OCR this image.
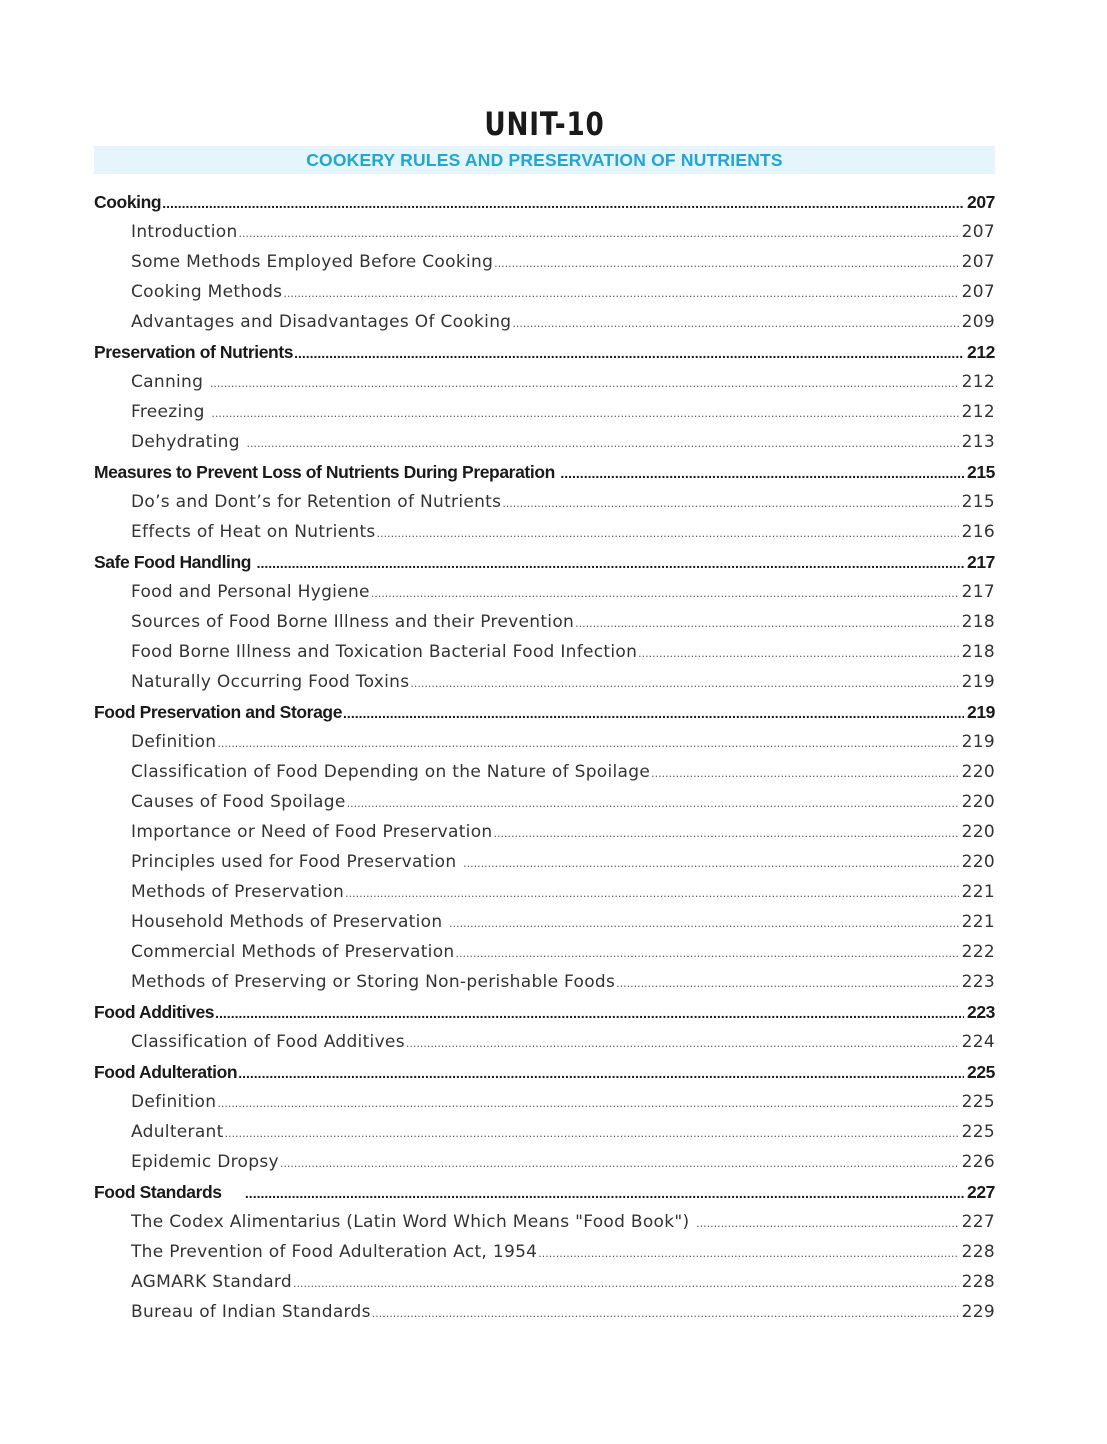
UNIT-10
COOKERY RULES AND PRESERVATION OF NUTRIENTS
Cooking .....	207
Introduction .....	207
Some Methods Employed Before Cooking .....	207
Cooking Methods .....	207
Advantages and Disadvantages Of Cooking .....	209
Preservation of Nutrients .....	212
Canning .....	212
Freezing .....	212
Dehydrating .....	213
Measures to Prevent Loss of Nutrients During Preparation .....	215
Do’s and Dont’s for Retention of Nutrients .....	215
Effects of Heat on Nutrients .....	216
Safe Food Handling .....	217
Food and Personal Hygiene .....	217
Sources of Food Borne Illness and their Prevention .....	218
Food Borne Illness and Toxication Bacterial Food Infection .....	218
Naturally Occurring Food Toxins .....	219
Food Preservation and Storage .....	219
Definition .....	219
Classification of Food Depending on the Nature of Spoilage .....	220
Causes of Food Spoilage .....	220
Importance or Need of Food Preservation .....	220
Principles used for Food Preservation .....	220
Methods of Preservation .....	221
Household Methods of Preservation .....	221
Commercial Methods of Preservation .....	222
Methods of Preserving or Storing Non-perishable Foods .....	223
Food Additives .....	223
Classification of Food Additives .....	224
Food Adulteration .....	225
Definition .....	225
Adulterant .....	225
Epidemic Dropsy .....	226
Food Standards .....	227
The Codex Alimentarius (Latin Word Which Means "Food Book") .....	227
The Prevention of Food Adulteration Act, 1954 .....	228
AGMARK Standard .....	228
Bureau of Indian Standards .....	229
